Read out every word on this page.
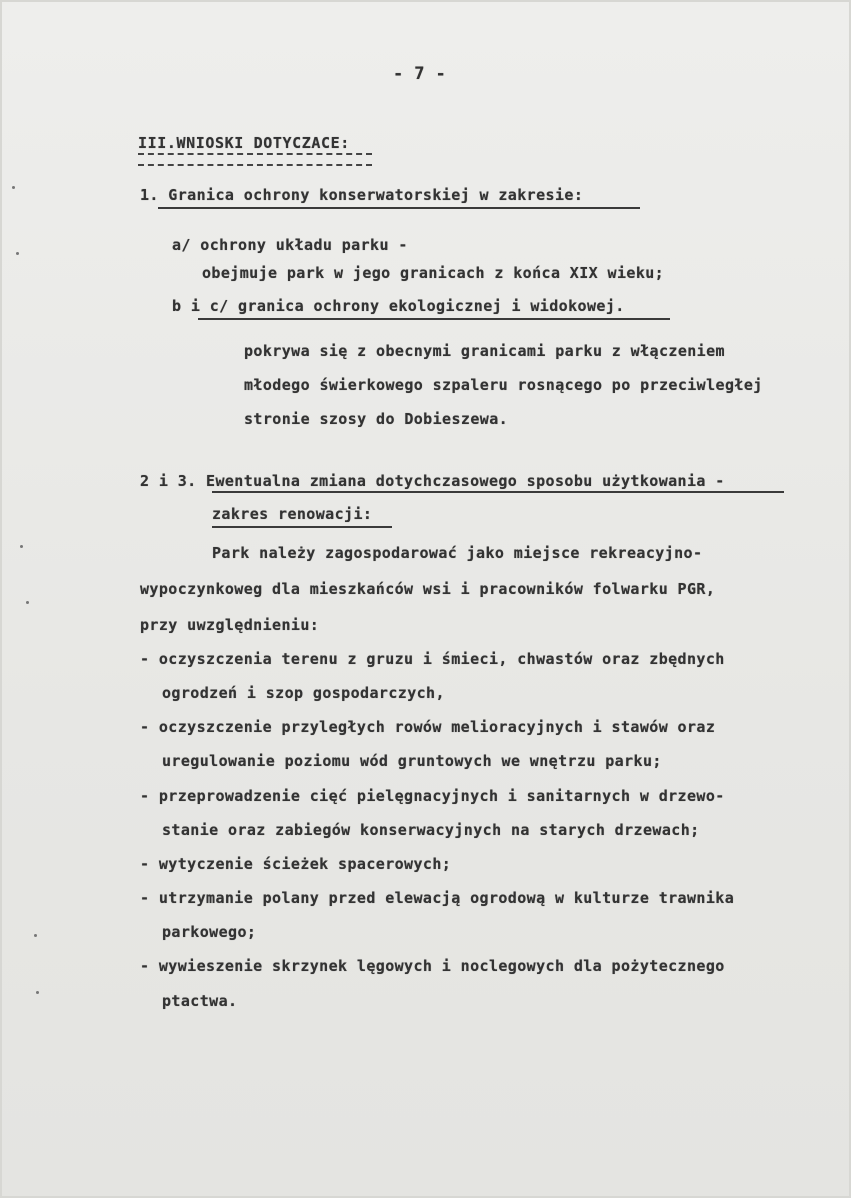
- 7 -
III.WNIOSKI DOTYCZACE:
1. Granica ochrony konserwatorskiej w zakresie:
a/ ochrony układu parku -
obejmuje park w jego granicach z końca XIX wieku;
b i c/ granica ochrony ekologicznej i widokowej.
pokrywa się z obecnymi granicami parku z włączeniem
młodego świerkowego szpaleru rosnącego po przeciwległej
stronie szosy do Dobieszewa.
2 i 3. Ewentualna zmiana dotychczasowego sposobu użytkowania -
zakres renowacji:
Park należy zagospodarować jako miejsce rekreacyjno-
wypoczynkoweg dla mieszkańców wsi i pracowników folwarku PGR,
przy uwzględnieniu:
- oczyszczenia terenu z gruzu i śmieci, chwastów oraz zbędnych
ogrodzeń i szop gospodarczych,
- oczyszczenie przyległych rowów melioracyjnych i stawów oraz
uregulowanie poziomu wód gruntowych we wnętrzu parku;
- przeprowadzenie cięć pielęgnacyjnych i sanitarnych w drzewo-
stanie oraz zabiegów konserwacyjnych na starych drzewach;
- wytyczenie ścieżek spacerowych;
- utrzymanie polany przed elewacją ogrodową w kulturze trawnika
parkowego;
- wywieszenie skrzynek lęgowych i noclegowych dla pożytecznego
ptactwa.
